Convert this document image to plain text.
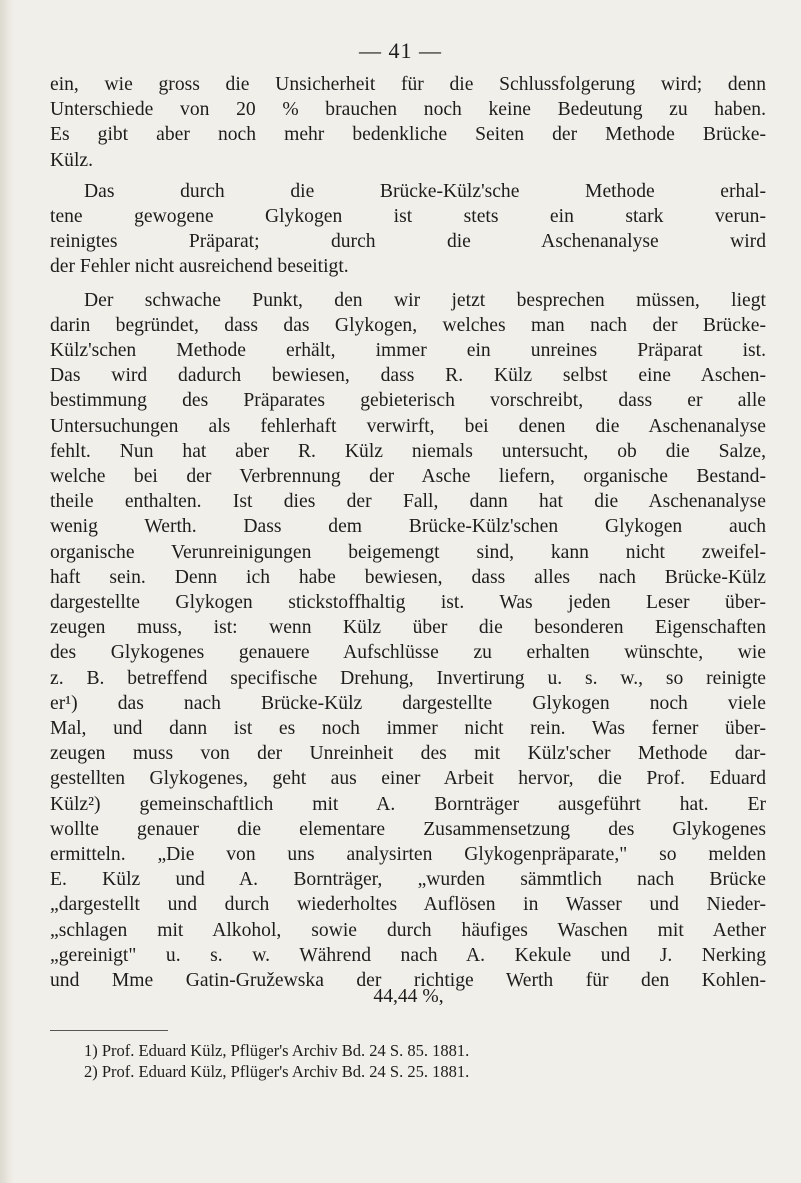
— 41 —

ein, wie gross die Unsicherheit für die Schlussfolgerung wird; denn

Unterschiede von 20 % brauchen noch keine Bedeutung zu haben.

Es gibt aber noch mehr bedenkliche Seiten der Methode Brücke-

Külz.

Das durch die Brücke-Külz'sche Methode erhal-

tene gewogene Glykogen ist stets ein stark verun-

reinigtes Präparat; durch die Aschenanalyse wird

der Fehler nicht ausreichend beseitigt.

Der schwache Punkt, den wir jetzt besprechen müssen, liegt

darin begründet, dass das Glykogen, welches man nach der Brücke-

Külz'schen Methode erhält, immer ein unreines Präparat ist.

Das wird dadurch bewiesen, dass R. Külz selbst eine Aschen-

bestimmung des Präparates gebieterisch vorschreibt, dass er alle

Untersuchungen als fehlerhaft verwirft, bei denen die Aschenanalyse

fehlt. Nun hat aber R. Külz niemals untersucht, ob die Salze,

welche bei der Verbrennung der Asche liefern, organische Bestand-

theile enthalten. Ist dies der Fall, dann hat die Aschenanalyse

wenig Werth. Dass dem Brücke-Külz'schen Glykogen auch

organische Verunreinigungen beigemengt sind, kann nicht zweifel-

haft sein. Denn ich habe bewiesen, dass alles nach Brücke-Külz

dargestellte Glykogen stickstoffhaltig ist. Was jeden Leser über-

zeugen muss, ist: wenn Külz über die besonderen Eigenschaften

des Glykogenes genauere Aufschlüsse zu erhalten wünschte, wie

z. B. betreffend specifische Drehung, Invertirung u. s. w., so reinigte

er¹) das nach Brücke-Külz dargestellte Glykogen noch viele

Mal, und dann ist es noch immer nicht rein. Was ferner über-

zeugen muss von der Unreinheit des mit Külz'scher Methode dar-

gestellten Glykogenes, geht aus einer Arbeit hervor, die Prof. Eduard

Külz²) gemeinschaftlich mit A. Bornträger ausgeführt hat. Er

wollte genauer die elementare Zusammensetzung des Glykogenes

ermitteln. „Die von uns analysirten Glykogenpräparate," so melden

E. Külz und A. Bornträger, „wurden sämmtlich nach Brücke

„dargestellt und durch wiederholtes Auflösen in Wasser und Nieder-

„schlagen mit Alkohol, sowie durch häufiges Waschen mit Aether

„gereinigt" u. s. w. Während nach A. Kekule und J. Nerking

und Mme Gatin-Gružewska der richtige Werth für den Kohlen-

44,44 %,

1) Prof. Eduard Külz, Pflüger's Archiv Bd. 24 S. 85. 1881.

2) Prof. Eduard Külz, Pflüger's Archiv Bd. 24 S. 25. 1881.
